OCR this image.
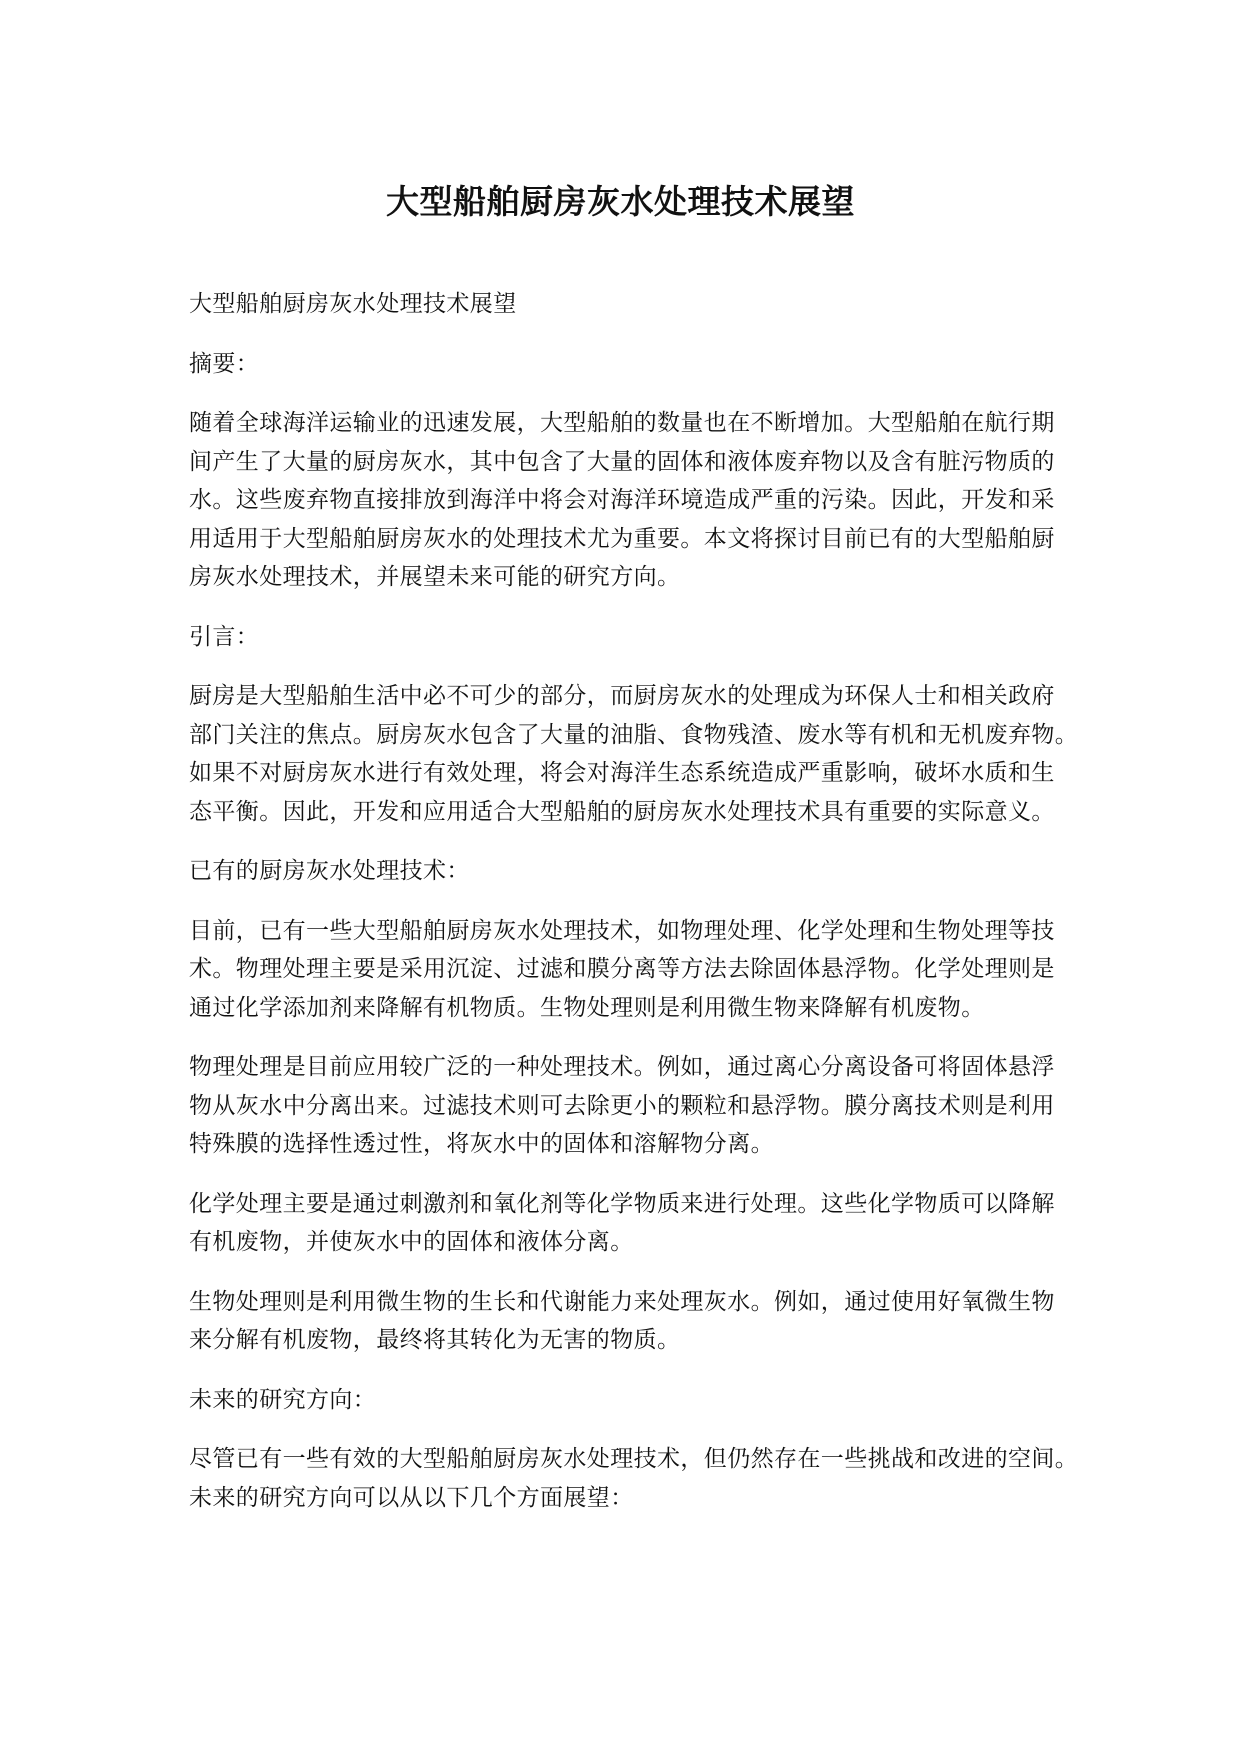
大型船舶厨房灰水处理技术展望

大型船舶厨房灰水处理技术展望

摘要：

随着全球海洋运输业的迅速发展，大型船舶的数量也在不断增加。大型船舶在航行期
间产生了大量的厨房灰水，其中包含了大量的固体和液体废弃物以及含有脏污物质的
水。这些废弃物直接排放到海洋中将会对海洋环境造成严重的污染。因此，开发和采
用适用于大型船舶厨房灰水的处理技术尤为重要。本文将探讨目前已有的大型船舶厨
房灰水处理技术，并展望未来可能的研究方向。

引言：

厨房是大型船舶生活中必不可少的部分，而厨房灰水的处理成为环保人士和相关政府
部门关注的焦点。厨房灰水包含了大量的油脂、食物残渣、废水等有机和无机废弃物。
如果不对厨房灰水进行有效处理，将会对海洋生态系统造成严重影响，破坏水质和生
态平衡。因此，开发和应用适合大型船舶的厨房灰水处理技术具有重要的实际意义。

已有的厨房灰水处理技术：

目前，已有一些大型船舶厨房灰水处理技术，如物理处理、化学处理和生物处理等技
术。物理处理主要是采用沉淀、过滤和膜分离等方法去除固体悬浮物。化学处理则是
通过化学添加剂来降解有机物质。生物处理则是利用微生物来降解有机废物。

物理处理是目前应用较广泛的一种处理技术。例如，通过离心分离设备可将固体悬浮
物从灰水中分离出来。过滤技术则可去除更小的颗粒和悬浮物。膜分离技术则是利用
特殊膜的选择性透过性，将灰水中的固体和溶解物分离。

化学处理主要是通过刺激剂和氧化剂等化学物质来进行处理。这些化学物质可以降解
有机废物，并使灰水中的固体和液体分离。

生物处理则是利用微生物的生长和代谢能力来处理灰水。例如，通过使用好氧微生物
来分解有机废物，最终将其转化为无害的物质。

未来的研究方向：

尽管已有一些有效的大型船舶厨房灰水处理技术，但仍然存在一些挑战和改进的空间。
未来的研究方向可以从以下几个方面展望：
